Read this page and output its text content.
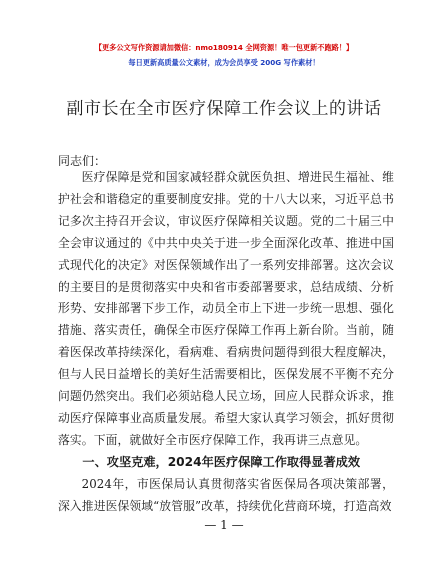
【更多公文写作资源请加微信：nmo180914 全网资源！唯一包更新不跑路！】
每日更新高质量公文素材，成为会员享受 200G 写作素材！
副市长在全市医疗保障工作会议上的讲话
同志们：

医疗保障是党和国家减轻群众就医负担、增进民生福祉、维护社会和谐稳定的重要制度安排。党的十八大以来，习近平总书记多次主持召开会议，审议医疗保障相关议题。党的二十届三中全会审议通过的《中共中央关于进一步全面深化改革、推进中国式现代化的决定》对医保领域作出了一系列安排部署。这次会议的主要目的是贯彻落实中央和省市委部署要求，总结成绩、分析形势、安排部署下步工作，动员全市上下进一步统一思想、强化措施、落实责任，确保全市医疗保障工作再上新台阶。当前，随着医保改革持续深化，看病难、看病贵问题得到很大程度解决，但与人民日益增长的美好生活需要相比，医保发展不平衡不充分问题仍然突出。我们必须站稳人民立场，回应人民群众诉求，推动医疗保障事业高质量发展。希望大家认真学习领会，抓好贯彻落实。下面，就做好全市医疗保障工作，我再讲三点意见。

一、攻坚克难，2024年医疗保障工作取得显著成效

2024年，市医保局认真贯彻落实省医保局各项决策部署，深入推进医保领域“放管服”改革，持续优化营商环境，打造高效

— 1 —
